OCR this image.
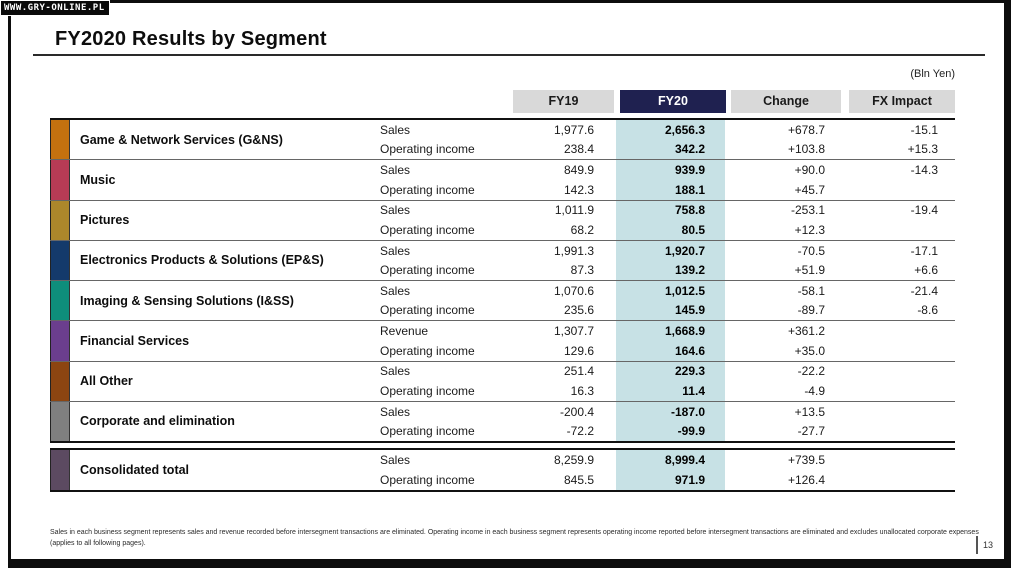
WWW.GRY-ONLINE.PL
FY2020 Results by Segment
(Bln Yen)
FY19	FY20	Change	FX Impact
Game & Network Services (G&NS)
Sales	1,977.6	2,656.3	+678.7	-15.1
Operating income	238.4	342.2	+103.8	+15.3
Music
Sales	849.9	939.9	+90.0	-14.3
Operating income	142.3	188.1	+45.7
Pictures
Sales	1,011.9	758.8	-253.1	-19.4
Operating income	68.2	80.5	+12.3
Electronics Products & Solutions (EP&S)
Sales	1,991.3	1,920.7	-70.5	-17.1
Operating income	87.3	139.2	+51.9	+6.6
Imaging & Sensing Solutions (I&SS)
Sales	1,070.6	1,012.5	-58.1	-21.4
Operating income	235.6	145.9	-89.7	-8.6
Financial Services
Revenue	1,307.7	1,668.9	+361.2
Operating income	129.6	164.6	+35.0
All Other
Sales	251.4	229.3	-22.2
Operating income	16.3	11.4	-4.9
Corporate and elimination
Sales	-200.4	-187.0	+13.5
Operating income	-72.2	-99.9	-27.7
Consolidated total
Sales	8,259.9	8,999.4	+739.5
Operating income	845.5	971.9	+126.4
Sales in each business segment represents sales and revenue recorded before intersegment transactions are eliminated. Operating income in each business segment represents operating income reported before intersegment transactions are eliminated and excludes unallocated corporate expenses (applies to all following pages).	13
